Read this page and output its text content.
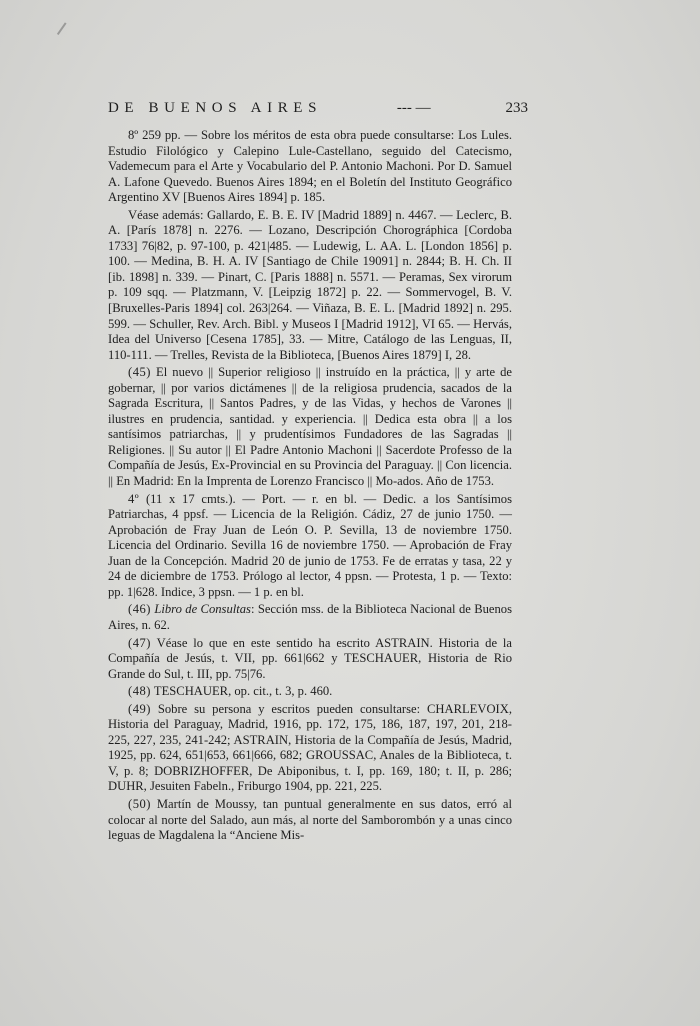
DE BUENOS AIRES	--- —	233

8º 259 pp. — Sobre los méritos de esta obra puede consultarse: Los Lules. Estudio Filológico y Calepino Lule-Castellano, seguido del Catecismo, Vademecum para el Arte y Vocabulario del P. Antonio Machoni. Por D. Samuel A. Lafone Quevedo. Buenos Aires 1894; en el Boletín del Instituto Geográfico Argentino XV [Buenos Aires 1894] p. 185.

Véase además: Gallardo, E. B. E. IV [Madrid 1889] n. 4467. — Leclerc, B. A. [París 1878] n. 2276. — Lozano, Descripción Chorográphica [Cordoba 1733] 76|82, p. 97-100, p. 421|485. — Ludewig, L. AA. L. [London 1856] p. 100. — Medina, B. H. A. IV [Santiago de Chile 19091] n. 2844; B. H. Ch. II [ib. 1898] n. 339. — Pinart, C. [Paris 1888] n. 5571. — Peramas, Sex virorum p. 109 sqq. — Platzmann, V. [Leipzig 1872] p. 22. — Sommervogel, B. V. [Bruxelles-Paris 1894] col. 263|264. — Viñaza, B. E. L. [Madrid 1892] n. 295. 599. — Schuller, Rev. Arch. Bibl. y Museos I [Madrid 1912], VI 65. — Hervás, Idea del Universo [Cesena 1785], 33. — Mitre, Catálogo de las Lenguas, II, 110-111. — Trelles, Revista de la Biblioteca, [Buenos Aires 1879] I, 28.

(45) El nuevo || Superior religioso || instruído en la práctica, || y arte de gobernar, || por varios dictámenes || de la religiosa prudencia, sacados de la Sagrada Escritura, || Santos Padres, y de las Vidas, y hechos de Varones || ilustres en prudencia, santidad. y experiencia. || Dedica esta obra || a los santísimos patriarchas, || y prudentísimos Fundadores de las Sagradas || Religiones. || Su autor || El Padre Antonio Machoni || Sacerdote Professo de la Compañía de Jesús, Ex-Provincial en su Provincia del Paraguay. || Con licencia. || En Madrid: En la Imprenta de Lorenzo Francisco || Mo-ados. Año de 1753.

4º (11 x 17 cmts.). — Port. — r. en bl. — Dedic. a los Santísimos Patriarchas, 4 ppsf. — Licencia de la Religión. Cádiz, 27 de junio 1750. — Aprobación de Fray Juan de León O. P. Sevilla, 13 de noviembre 1750. Licencia del Ordinario. Sevilla 16 de noviembre 1750. — Aprobación de Fray Juan de la Concepción. Madrid 20 de junio de 1753. Fe de erratas y tasa, 22 y 24 de diciembre de 1753. Prólogo al lector, 4 ppsn. — Protesta, 1 p. — Texto: pp. 1|628. Indice, 3 ppsn. — 1 p. en bl.

(46) Libro de Consultas: Sección mss. de la Biblioteca Nacional de Buenos Aires, n. 62.

(47) Véase lo que en este sentido ha escrito ASTRAIN. Historia de la Compañía de Jesús, t. VII, pp. 661|662 y TESCHAUER, Historia de Rio Grande do Sul, t. III, pp. 75|76.

(48) TESCHAUER, op. cit., t. 3, p. 460.

(49) Sobre su persona y escritos pueden consultarse: CHARLEVOIX, Historia del Paraguay, Madrid, 1916, pp. 172, 175, 186, 187, 197, 201, 218-225, 227, 235, 241-242; ASTRAIN, Historia de la Compañía de Jesús, Madrid, 1925, pp. 624, 651|653, 661|666, 682; GROUSSAC, Anales de la Biblioteca, t. V, p. 8; DOBRIZHOFFER, De Abiponibus, t. I, pp. 169, 180; t. II, p. 286; DUHR, Jesuiten Fabeln., Friburgo 1904, pp. 221, 225.

(50) Martín de Moussy, tan puntual generalmente en sus datos, erró al colocar al norte del Salado, aun más, al norte del Samborombón y a unas cinco leguas de Magdalena la “Anciene Mis-
